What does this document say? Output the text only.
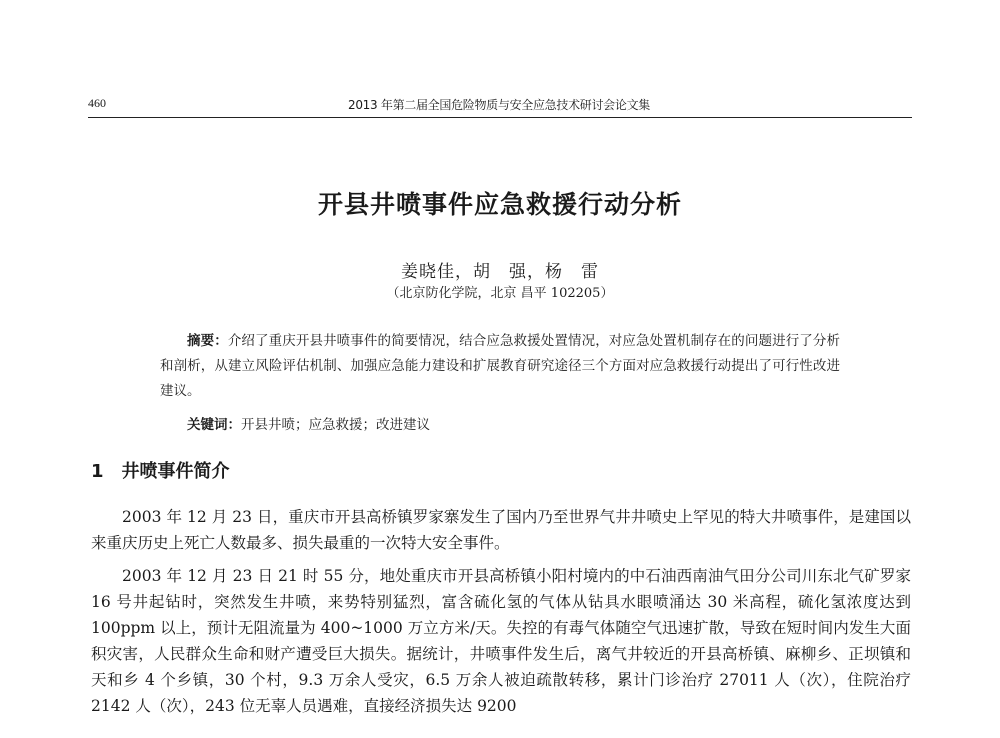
460	2013 年第二届全国危险物质与安全应急技术研讨会论文集
开县井喷事件应急救援行动分析
姜晓佳，胡　强，杨　雷
（北京防化学院，北京 昌平 102205）
摘要：介绍了重庆开县井喷事件的简要情况，结合应急救援处置情况，对应急处置机制存在的问题进行了分析和剖析，从建立风险评估机制、加强应急能力建设和扩展教育研究途径三个方面对应急救援行动提出了可行性改进建议。
关键词：开县井喷；应急救援；改进建议
1 井喷事件简介

2003 年 12 月 23 日，重庆市开县高桥镇罗家寨发生了国内乃至世界气井井喷史上罕见的特大井喷事件，是建国以来重庆历史上死亡人数最多、损失最重的一次特大安全事件。

2003 年 12 月 23 日 21 时 55 分，地处重庆市开县高桥镇小阳村境内的中石油西南油气田分公司川东北气矿罗家 16 号井起钻时，突然发生井喷，来势特别猛烈，富含硫化氢的气体从钻具水眼喷涌达 30 米高程，硫化氢浓度达到 100ppm 以上，预计无阻流量为 400~1000 万立方米/天。失控的有毒气体随空气迅速扩散，导致在短时间内发生大面积灾害，人民群众生命和财产遭受巨大损失。据统计，井喷事件发生后，离气井较近的开县高桥镇、麻柳乡、正坝镇和天和乡 4 个乡镇，30 个村，9.3 万余人受灾，6.5 万余人被迫疏散转移，累计门诊治疗 27011 人（次），住院治疗 2142 人（次），243 位无辜人员遇难，直接经济损失达 9200
